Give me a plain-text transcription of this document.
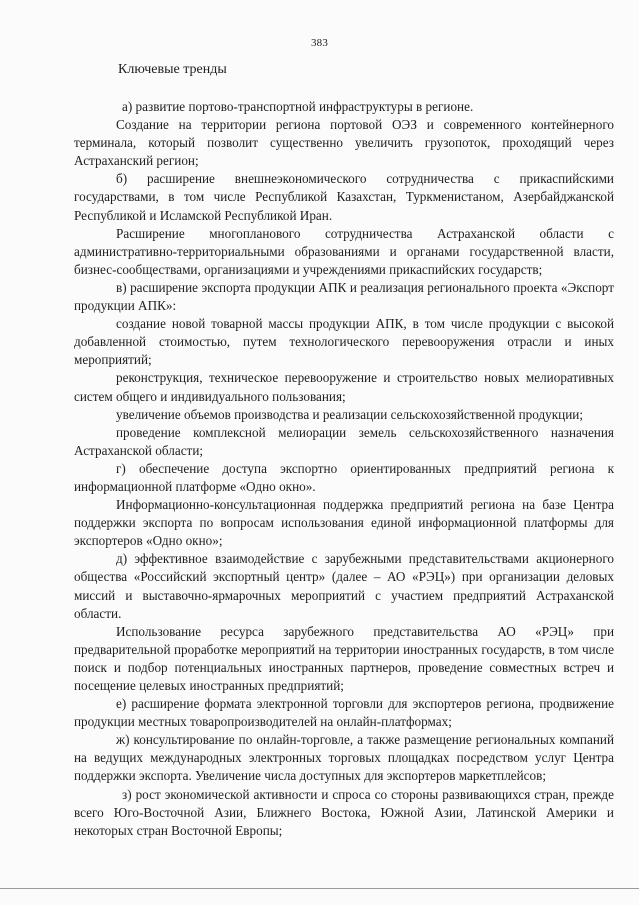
383
Ключевые тренды

а) развитие портово-транспортной инфраструктуры в регионе.

Создание на территории региона портовой ОЭЗ и современного контейнерного терминала, который позволит существенно увеличить грузопоток, проходящий через Астраханский регион;

б) расширение внешнеэкономического сотрудничества с прикаспийскими государствами, в том числе Республикой Казахстан, Туркменистаном, Азербайджанской Республикой и Исламской Республикой Иран.

Расширение многопланового сотрудничества Астраханской области с административно-территориальными образованиями и органами государственной власти, бизнес-сообществами, организациями и учреждениями прикаспийских государств;

в) расширение экспорта продукции АПК и реализация регионального проекта «Экспорт продукции АПК»:

создание новой товарной массы продукции АПК, в том числе продукции с высокой добавленной стоимостью, путем технологического перевооружения отрасли и иных мероприятий;

реконструкция, техническое перевооружение и строительство новых мелиоративных систем общего и индивидуального пользования;

увеличение объемов производства и реализации сельскохозяйственной продукции;

проведение комплексной мелиорации земель сельскохозяйственного назначения Астраханской области;

г) обеспечение доступа экспортно ориентированных предприятий региона к информационной платформе «Одно окно».

Информационно-консультационная поддержка предприятий региона на базе Центра поддержки экспорта по вопросам использования единой информационной платформы для экспортеров «Одно окно»;

д) эффективное взаимодействие с зарубежными представительствами акционерного общества «Российский экспортный центр» (далее – АО «РЭЦ») при организации деловых миссий и выставочно-ярмарочных мероприятий с участием предприятий Астраханской области.

Использование ресурса зарубежного представительства АО «РЭЦ» при предварительной проработке мероприятий на территории иностранных государств, в том числе поиск и подбор потенциальных иностранных партнеров, проведение совместных встреч и посещение целевых иностранных предприятий;

е) расширение формата электронной торговли для экспортеров региона, продвижение продукции местных товаропроизводителей на онлайн-платформах;

ж) консультирование по онлайн-торговле, а также размещение региональных компаний на ведущих международных электронных торговых площадках посредством услуг Центра поддержки экспорта. Увеличение числа доступных для экспортеров маркетплейсов;

з) рост экономической активности и спроса со стороны развивающихся стран, прежде всего Юго-Восточной Азии, Ближнего Востока, Южной Азии, Латинской Америки и некоторых стран Восточной Европы;
